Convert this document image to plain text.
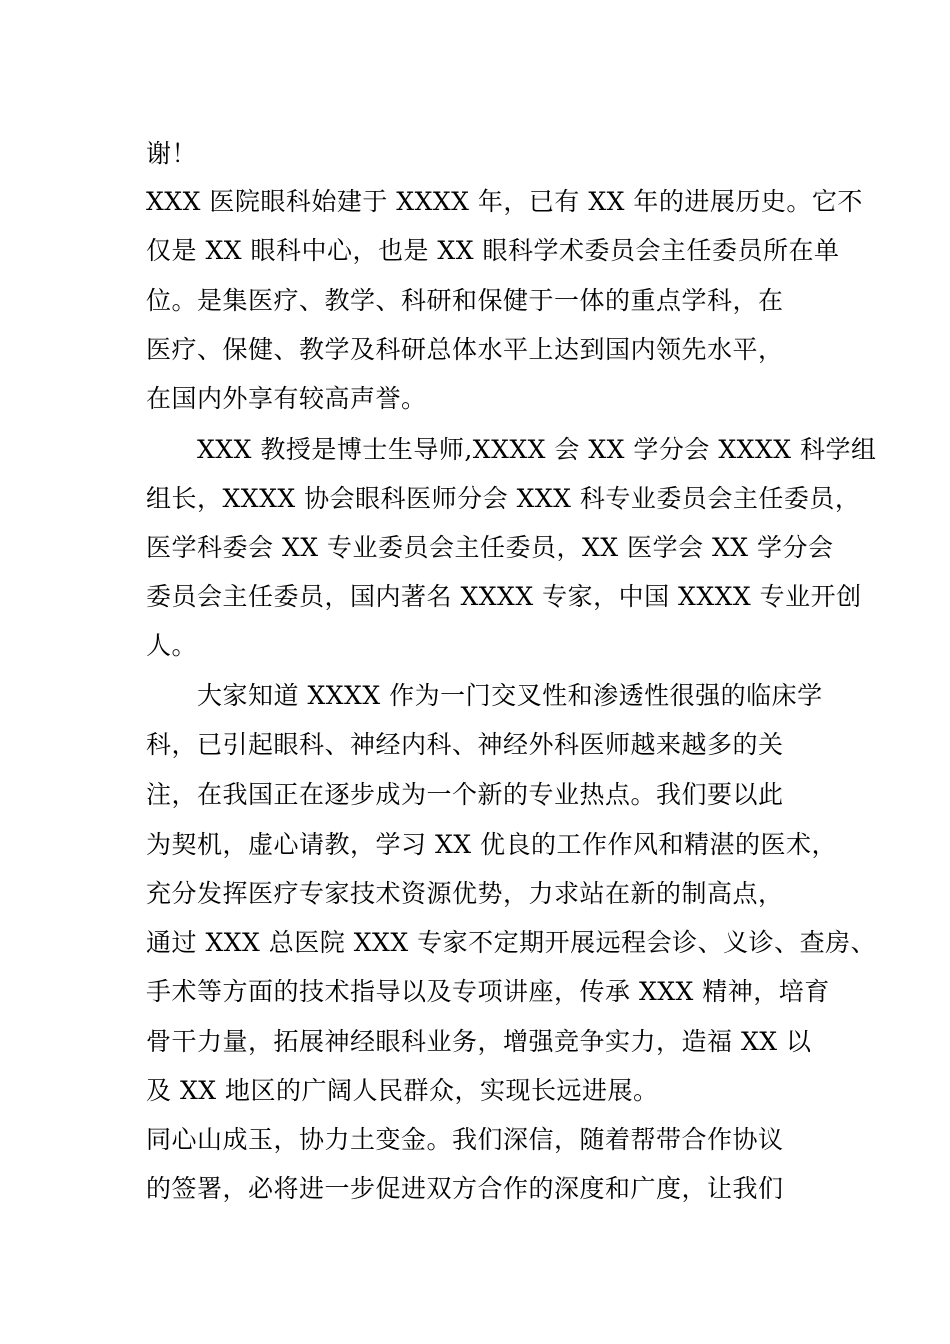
谢！
XXX 医院眼科始建于 XXXX 年，已有 XX 年的进展历史。它不
仅是 XX 眼科中心，也是 XX 眼科学术委员会主任委员所在单
位。是集医疗、教学、科研和保健于一体的重点学科，在
医疗、保健、教学及科研总体水平上达到国内领先水平，
在国内外享有较高声誉。
XXX 教授是博士生导师,XXXX 会 XX 学分会 XXXX 科学组
组长，XXXX 协会眼科医师分会 XXX 科专业委员会主任委员，
医学科委会 XX 专业委员会主任委员，XX 医学会 XX 学分会
委员会主任委员，国内著名 XXXX 专家，中国 XXXX 专业开创
人。
大家知道 XXXX 作为一门交叉性和渗透性很强的临床学
科，已引起眼科、神经内科、神经外科医师越来越多的关
注，在我国正在逐步成为一个新的专业热点。我们要以此
为契机，虚心请教，学习 XX 优良的工作作风和精湛的医术，
充分发挥医疗专家技术资源优势，力求站在新的制高点，
通过 XXX 总医院 XXX 专家不定期开展远程会诊、义诊、查房、
手术等方面的技术指导以及专项讲座，传承 XXX 精神，培育
骨干力量，拓展神经眼科业务，增强竞争实力，造福 XX 以
及 XX 地区的广阔人民群众，实现长远进展。
同心山成玉，协力土变金。我们深信，随着帮带合作协议
的签署，必将进一步促进双方合作的深度和广度，让我们
